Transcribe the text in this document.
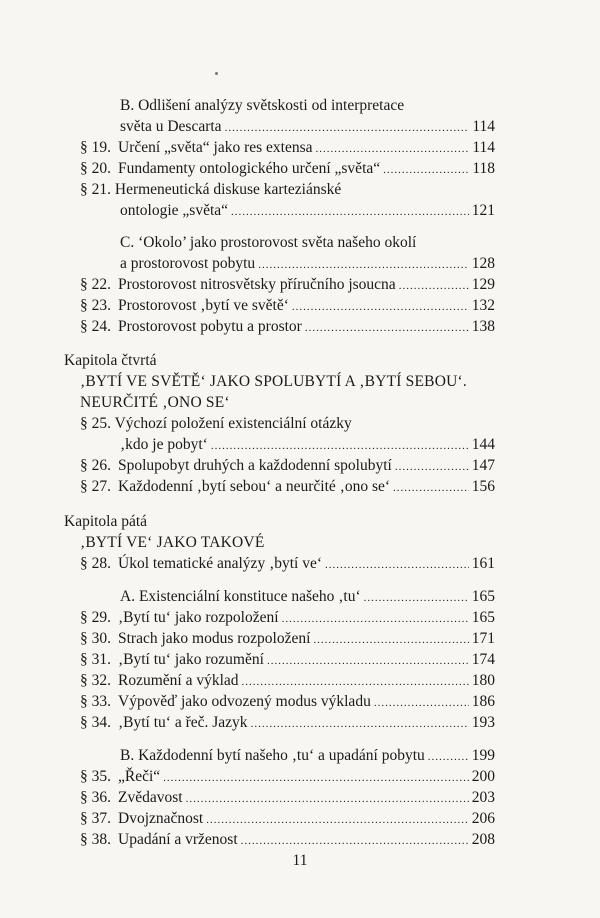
B. Odlišení analýzy světskosti od interpretace
světa u Descarta .....	114
§ 19. Určení „světa“ jako res extensa .....	114
§ 20. Fundamenty ontologického určení „světa“ .....	118
§ 21. Hermeneutická diskuse karteziánské
ontologie „světa“ .....	121
C. ‘Okolo’ jako prostorovost světa našeho okolí
a prostorovost pobytu .....	128
§ 22. Prostorovost nitrosvětsky příručního jsoucna .....	129
§ 23. Prostorovost ‚bytí ve světě‘ .....	132
§ 24. Prostorovost pobytu a prostor .....	138
Kapitola čtvrtá
‚BYTÍ VE SVĚTĚ‘ JAKO SPOLUBYTÍ A ‚BYTÍ SEBOU‘.
NEURČITÉ ‚ONO SE‘
§ 25. Výchozí položení existenciální otázky
‚kdo je pobyt‘ .....	144
§ 26. Spolupobyt druhých a každodenní spolubytí .....	147
§ 27. Každodenní ‚bytí sebou‘ a neurčité ‚ono se‘ .....	156
Kapitola pátá
‚BYTÍ VE‘ JAKO TAKOVÉ
§ 28. Úkol tematické analýzy ‚bytí ve‘ .....	161
A. Existenciální konstituce našeho ‚tu‘ .....	165
§ 29. ‚Bytí tu‘ jako rozpoložení .....	165
§ 30. Strach jako modus rozpoložení .....	171
§ 31. ‚Bytí tu‘ jako rozumění .....	174
§ 32. Rozumění a výklad .....	180
§ 33. Výpověď jako odvozený modus výkladu .....	186
§ 34. ‚Bytí tu‘ a řeč. Jazyk .....	193
B. Každodenní bytí našeho ‚tu‘ a upadání pobytu .....	199
§ 35. „Řeči“ .....	200
§ 36. Zvědavost .....	203
§ 37. Dvojznačnost .....	206
§ 38. Upadání a vrženost .....	208
11
